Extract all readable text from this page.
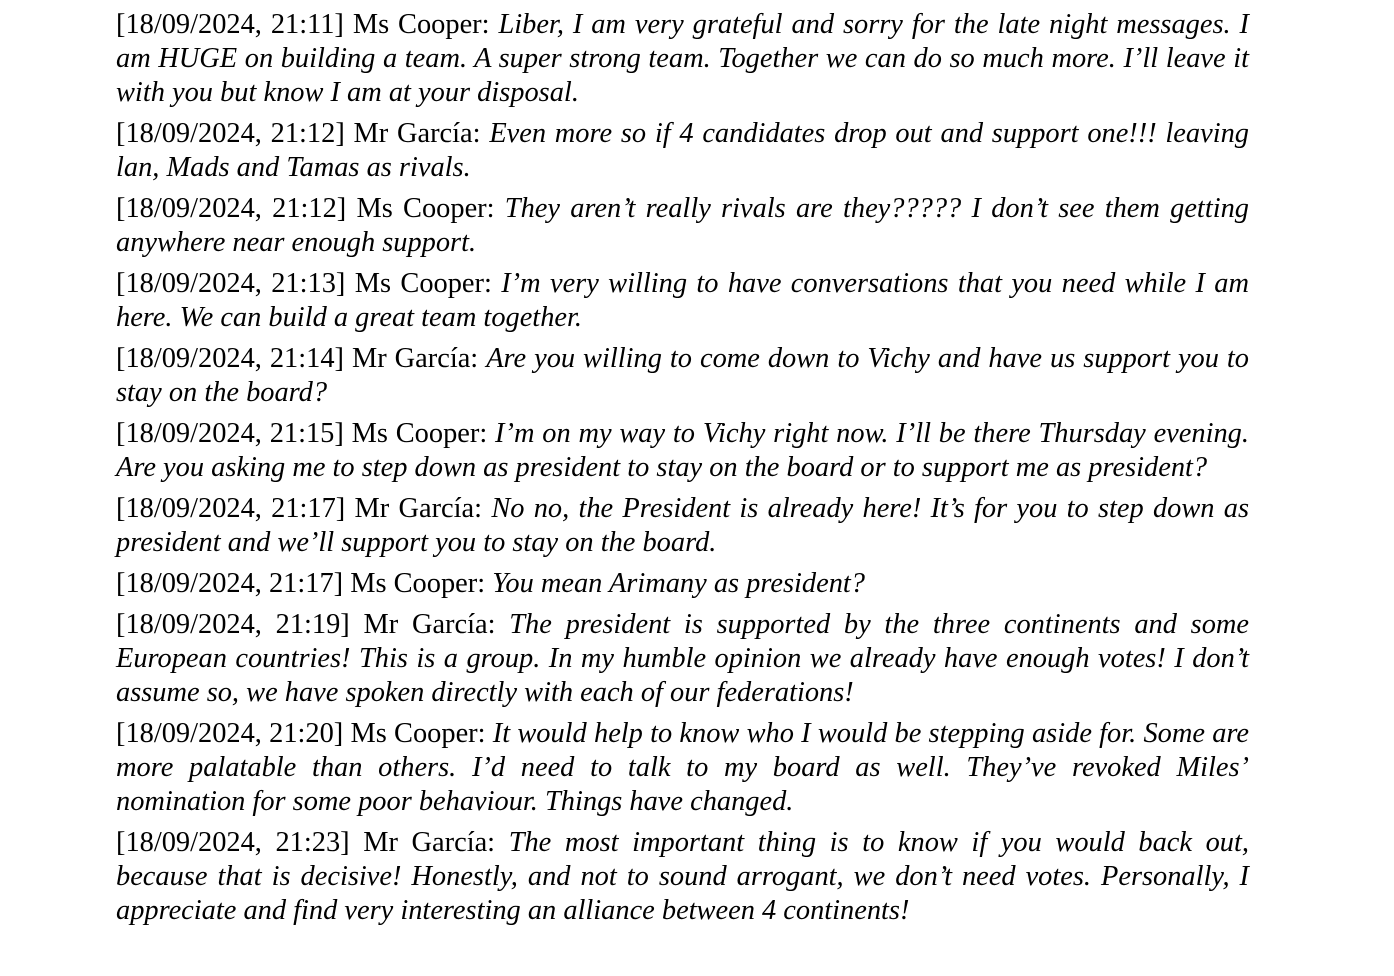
[18/09/2024, 21:11] Ms Cooper: Liber, I am very grateful and sorry for the late night messages. I am HUGE on building a team. A super strong team. Together we can do so much more. I’ll leave it with you but know I am at your disposal.

[18/09/2024, 21:12] Mr García: Even more so if 4 candidates drop out and support one!!! leaving lan, Mads and Tamas as rivals.

[18/09/2024, 21:12] Ms Cooper: They aren’t really rivals are they????? I don’t see them getting anywhere near enough support.

[18/09/2024, 21:13] Ms Cooper: I’m very willing to have conversations that you need while I am here. We can build a great team together.

[18/09/2024, 21:14] Mr García: Are you willing to come down to Vichy and have us support you to stay on the board?

[18/09/2024, 21:15] Ms Cooper: I’m on my way to Vichy right now. I’ll be there Thursday evening. Are you asking me to step down as president to stay on the board or to support me as president?

[18/09/2024, 21:17] Mr García: No no, the President is already here! It’s for you to step down as president and we’ll support you to stay on the board.

[18/09/2024, 21:17] Ms Cooper: You mean Arimany as president?

[18/09/2024, 21:19] Mr García: The president is supported by the three continents and some European countries! This is a group. In my humble opinion we already have enough votes! I don’t assume so, we have spoken directly with each of our federations!

[18/09/2024, 21:20] Ms Cooper: It would help to know who I would be stepping aside for. Some are more palatable than others. I’d need to talk to my board as well. They’ve revoked Miles’ nomination for some poor behaviour. Things have changed.

[18/09/2024, 21:23] Mr García: The most important thing is to know if you would back out, because that is decisive! Honestly, and not to sound arrogant, we don’t need votes. Personally, I appreciate and find very interesting an alliance between 4 continents!
